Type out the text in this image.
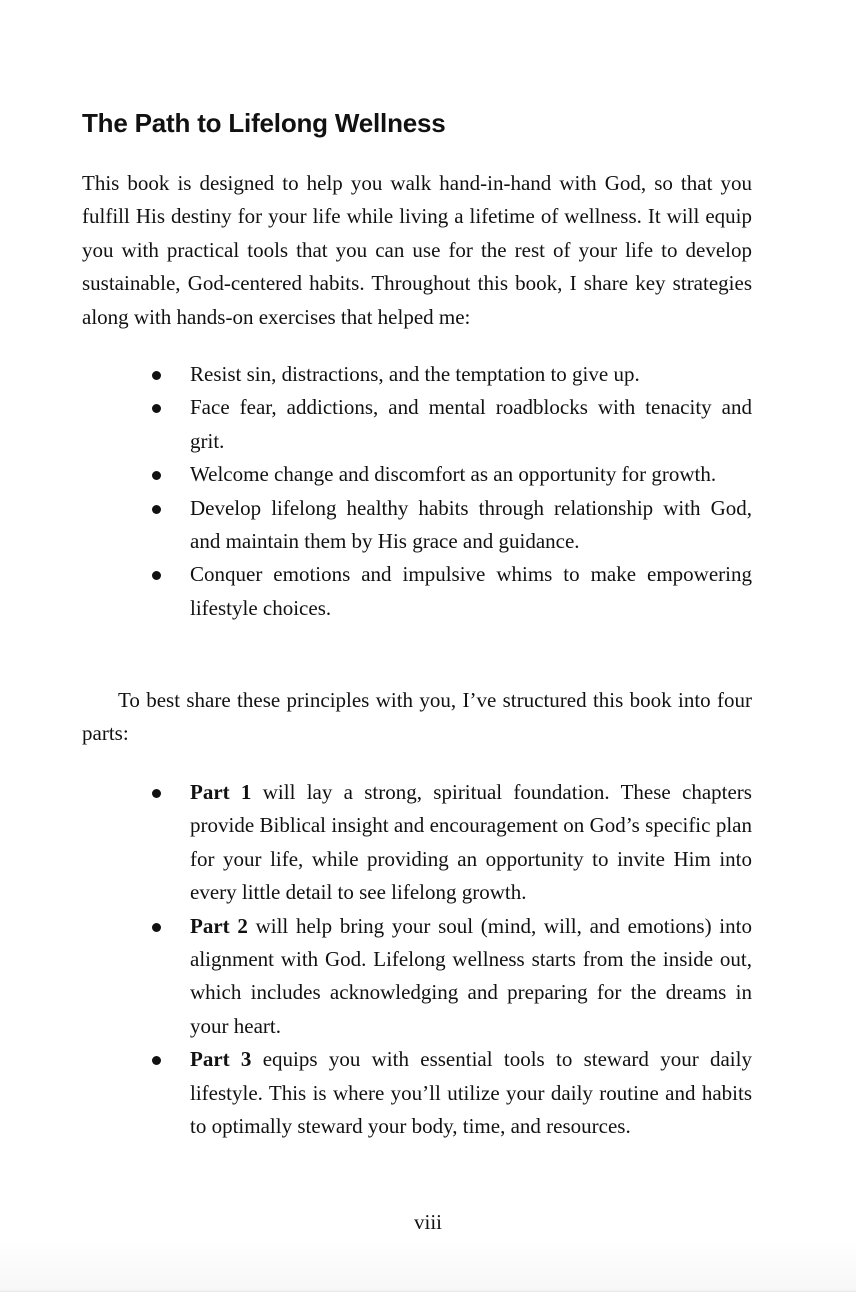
The Path to Lifelong Wellness

This book is designed to help you walk hand-in-hand with God, so that you fulfill His destiny for your life while living a lifetime of wellness. It will equip you with practical tools that you can use for the rest of your life to develop sustainable, God-centered habits. Throughout this book, I share key strategies along with hands-on exercises that helped me:

Resist sin, distractions, and the temptation to give up.
Face fear, addictions, and mental roadblocks with tenacity and grit.
Welcome change and discomfort as an opportunity for growth.
Develop lifelong healthy habits through relationship with God, and maintain them by His grace and guidance.
Conquer emotions and impulsive whims to make empowering lifestyle choices.

To best share these principles with you, I’ve structured this book into four parts:

Part 1 will lay a strong, spiritual foundation. These chapters provide Biblical insight and encouragement on God’s specific plan for your life, while providing an opportunity to invite Him into every little detail to see lifelong growth.
Part 2 will help bring your soul (mind, will, and emotions) into alignment with God. Lifelong wellness starts from the inside out, which includes acknowledging and preparing for the dreams in your heart.
Part 3 equips you with essential tools to steward your daily lifestyle. This is where you’ll utilize your daily routine and habits to optimally steward your body, time, and resources.
viii
